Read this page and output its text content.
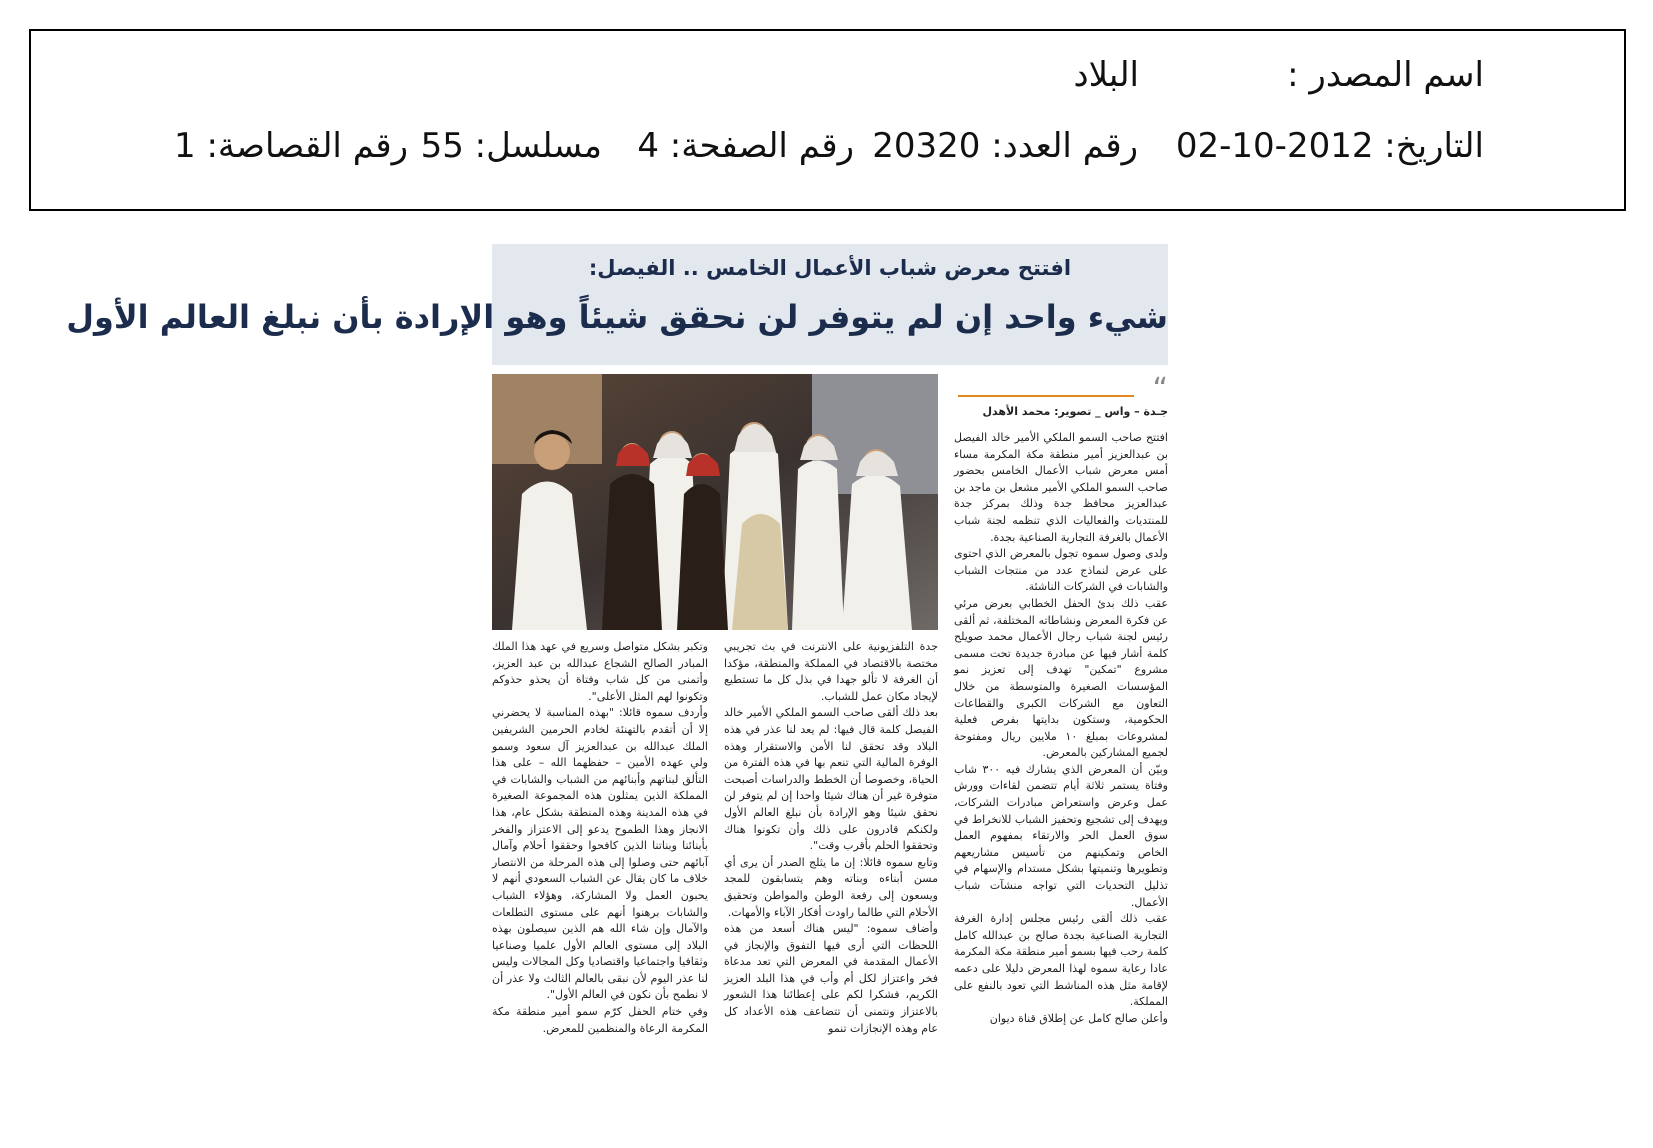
اسم المصدر :
البلاد
التاريخ: 2012-10-02
رقم العدد: 20320
رقم الصفحة: 4
مسلسل: 55
رقم القصاصة: 1
افتتح معرض شباب الأعمال الخامس .. الفيصل:
شيء واحد إن لم يتوفر لن نحقق شيئاً وهو الإرادة بأن نبلغ العالم الأول
“
جـدة – واس _ تصوير: محمد الأهدل

افتتح صاحب السمو الملكي الأمير خالد الفيصل بن عبدالعزيز أمير منطقة مكة المكرمة مساء أمس معرض شباب الأعمال الخامس بحضور صاحب السمو الملكي الأمير مشعل بن ماجد بن عبدالعزيز محافظ جدة وذلك بمركز جدة للمنتديات والفعاليات الذي تنظمه لجنة شباب الأعمال بالغرفة التجارية الصناعية بجدة.

ولدى وصول سموه تجول بالمعرض الذي احتوى على عرض لنماذج عدد من منتجات الشباب والشابات في الشركات الناشئة.

عقب ذلك بدئ الحفل الخطابي بعرض مرئي عن فكرة المعرض ونشاطاته المختلفة، ثم ألقى رئيس لجنة شباب رجال الأعمال محمد صويلح كلمة أشار فيها عن مبادرة جديدة تحت مسمى مشروع "تمكين" تهدف إلى تعزيز نمو المؤسسات الصغيرة والمتوسطة من خلال التعاون مع الشركات الكبرى والقطاعات الحكومية، وستكون بدايتها بفرص فعلية لمشروعات بمبلغ ١٠ ملايين ريال ومفتوحة لجميع المشاركين بالمعرض.

وبيّن أن المعرض الذي يشارك فيه ٣٠٠ شاب وفتاة يستمر ثلاثة أيام تتضمن لقاءات وورش عمل وعرض واستعراض مبادرات الشركات، ويهدف إلى تشجيع وتحفيز الشباب للانخراط في سوق العمل الحر والارتقاء بمفهوم العمل الخاص وتمكينهم من تأسيس مشاريعهم وتطويرها وتنميتها بشكل مستدام والإسهام في تذليل التحديات التي تواجه منشآت شباب الأعمال.

عقب ذلك ألقى رئيس مجلس إدارة الغرفة التجارية الصناعية بجدة صالح بن عبدالله كامل كلمة رحب فيها بسمو أمير منطقة مكة المكرمة عادا رعاية سموه لهذا المعرض دليلا على دعمه لإقامة مثل هذه المناشط التي تعود بالنفع على المملكة.

وأعلن صالح كامل عن إطلاق قناة ديوان

جدة التلفزيونية على الانترنت في بث تجريبي مختصة بالاقتصاد في المملكة والمنطقة، مؤكدا أن الغرفة لا تألو جهدا في بذل كل ما تستطيع لإيجاد مكان عمل للشباب.

بعد ذلك ألقى صاحب السمو الملكي الأمير خالد الفيصل كلمة قال فيها: لم يعد لنا عذر في هذه البلاد وقد تحقق لنا الأمن والاستقرار وهذه الوفرة المالية التي تنعم بها في هذه الفترة من الحياة، وخصوصا أن الخطط والدراسات أصبحت متوفرة غير أن هناك شيئا واحدا إن لم يتوفر لن نحقق شيئا وهو الإرادة بأن نبلغ العالم الأول ولكنكم قادرون على ذلك وأن تكونوا هناك وتحققوا الحلم بأقرب وقت".

وتابع سموه قائلا: إن ما يثلج الصدر أن يرى أي مسن أبناءه وبناته وهم يتسابقون للمجد ويسعون إلى رفعة الوطن والمواطن وتحقيق الأحلام التي طالما راودت أفكار الآباء والأمهات.

وأضاف سموه: "ليس هناك أسعد من هذه اللحظات التي أرى فيها التفوق والإنجاز في الأعمال المقدمة في المعرض التي تعد مدعاة فخر واعتزاز لكل أم وأب في هذا البلد العزيز الكريم، فشكرا لكم على إعطائنا هذا الشعور بالاعتزاز ونتمنى أن تتضاعف هذه الأعداد كل عام وهذه الإنجازات تنمو

وتكبر بشكل متواصل وسريع في عهد هذا الملك المبادر الصالح الشجاع عبدالله بن عبد العزيز، وأتمنى من كل شاب وفتاة أن يحذو حذوكم وتكونوا لهم المثل الأعلى".

وأردف سموه قائلا: "بهذه المناسبة لا يحضرني إلا أن أتقدم بالتهنئة لخادم الحرمين الشريفين الملك عبدالله بن عبدالعزيز آل سعود وسمو ولي عهده الأمين – حفظهما الله – على هذا التألق لبناتهم وأبنائهم من الشباب والشابات في المملكة الذين يمثلون هذه المجموعة الصغيرة في هذه المدينة وهذه المنطقة بشكل عام، هذا الانجاز وهذا الطموح يدعو إلى الاعتزاز والفخر بأبنائنا وبناتنا الذين كافحوا وحققوا أحلام وآمال آبائهم حتى وصلوا إلى هذه المرحلة من الانتصار خلاف ما كان يقال عن الشباب السعودي أنهم لا يحبون العمل ولا المشاركة، وهؤلاء الشباب والشابات برهنوا أنهم على مستوى التطلعات والآمال وإن شاء الله هم الذين سيصلون بهذه البلاد إلى مستوى العالم الأول علميا وصناعيا وثقافيا واجتماعيا واقتصاديا وكل المجالات وليس لنا عذر اليوم لأن نبقى بالعالم الثالث ولا عذر أن لا نطمح بأن نكون في العالم الأول".

وفي ختام الحفل كرّم سمو أمير منطقة مكة المكرمة الرعاة والمنظمين للمعرض.
